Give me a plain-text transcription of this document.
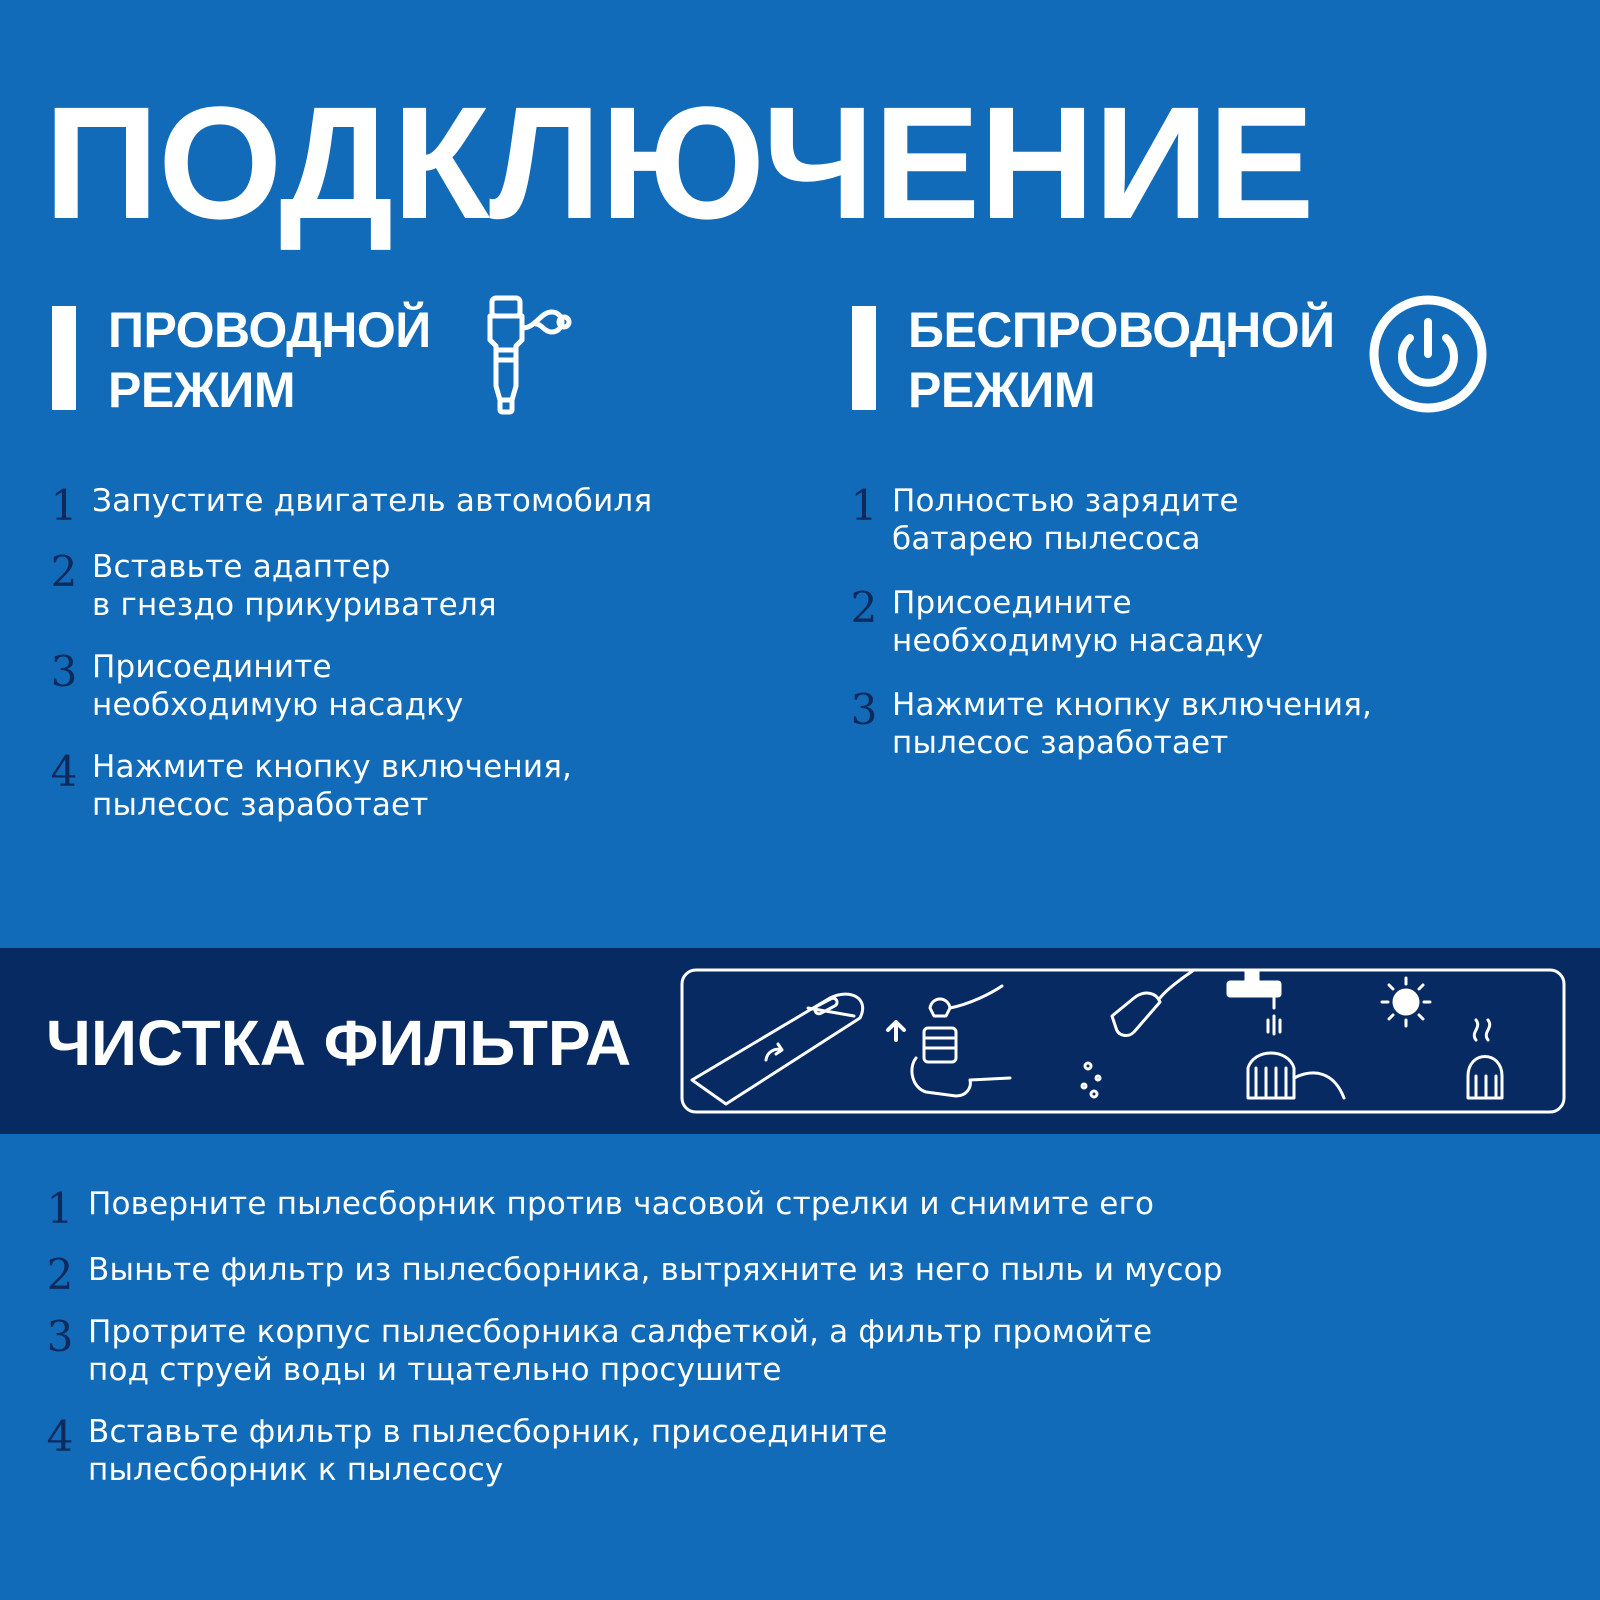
ПОДКЛЮЧЕНИЕ
ПРОВОДНОЙ
РЕЖИМ
1 Запустите двигатель автомобиля
2 Вставьте адаптер
в гнездо прикуривателя
3 Присоедините
необходимую насадку
4 Нажмите кнопку включения,
пылесос заработает
БЕСПРОВОДНОЙ
РЕЖИМ
1 Полностью зарядите
батарею пылесоса
2 Присоедините
необходимую насадку
3 Нажмите кнопку включения,
пылесос заработает
ЧИСТКА ФИЛЬТРА
1 Поверните пылесборник против часовой стрелки и снимите его
2 Выньте фильтр из пылесборника, вытряхните из него пыль и мусор
3 Протрите корпус пылесборника салфеткой, а фильтр промойте
под струей воды и тщательно просушите
4 Вставьте фильтр в пылесборник, присоедините
пылесборник к пылесосу
